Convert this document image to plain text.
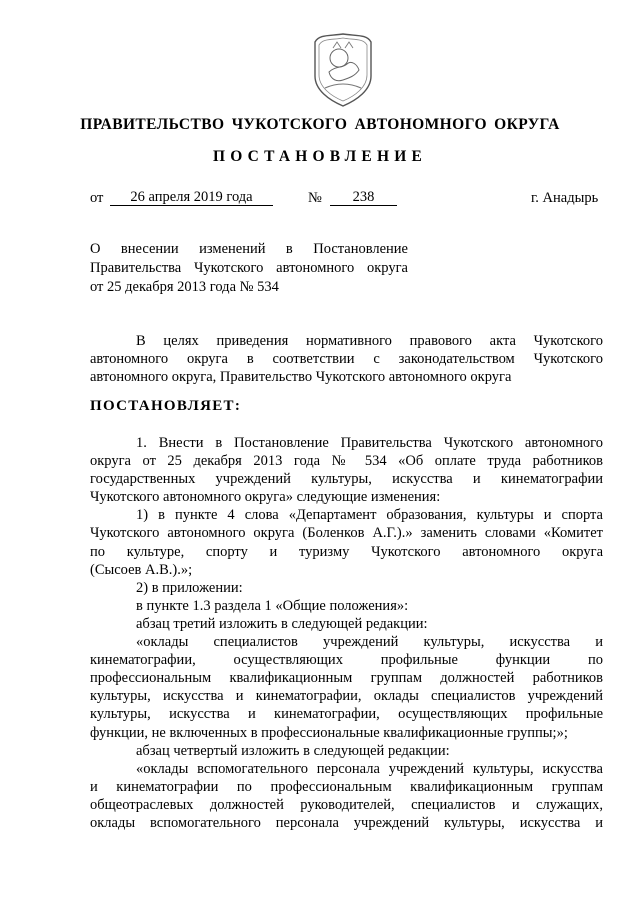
ПРАВИТЕЛЬСТВО ЧУКОТСКОГО АВТОНОМНОГО ОКРУГА
ПОСТАНОВЛЕНИЕ
от	26 апреля 2019 года	№	238	г. Анадырь
О внесении изменений в Постановление
Правительства Чукотского автономного округа
от 25 декабря 2013 года № 534
В целях приведения нормативного правового акта Чукотского
автономного округа в соответствии с законодательством Чукотского
автономного округа, Правительство Чукотского автономного округа
ПОСТАНОВЛЯЕТ:
1. Внести в Постановление Правительства Чукотского автономного
округа от 25 декабря 2013 года № 534 «Об оплате труда работников
государственных учреждений культуры, искусства и кинематографии
Чукотского автономного округа» следующие изменения:
1) в пункте 4 слова «Департамент образования, культуры и спорта
Чукотского автономного округа (Боленков А.Г.).» заменить словами «Комитет
по культуре, спорту и туризму Чукотского автономного округа
(Сысоев А.В.).»;
2) в приложении:
в пункте 1.3 раздела 1 «Общие положения»:
абзац третий изложить в следующей редакции:
«оклады специалистов учреждений культуры, искусства и
кинематографии, осуществляющих профильные функции по
профессиональным квалификационным группам должностей работников
культуры, искусства и кинематографии, оклады специалистов учреждений
культуры, искусства и кинематографии, осуществляющих профильные
функции, не включенных в профессиональные квалификационные группы;»;
абзац четвертый изложить в следующей редакции:
«оклады вспомогательного персонала учреждений культуры, искусства
и кинематографии по профессиональным квалификационным группам
общеотраслевых должностей руководителей, специалистов и служащих,
оклады вспомогательного персонала учреждений культуры, искусства и
